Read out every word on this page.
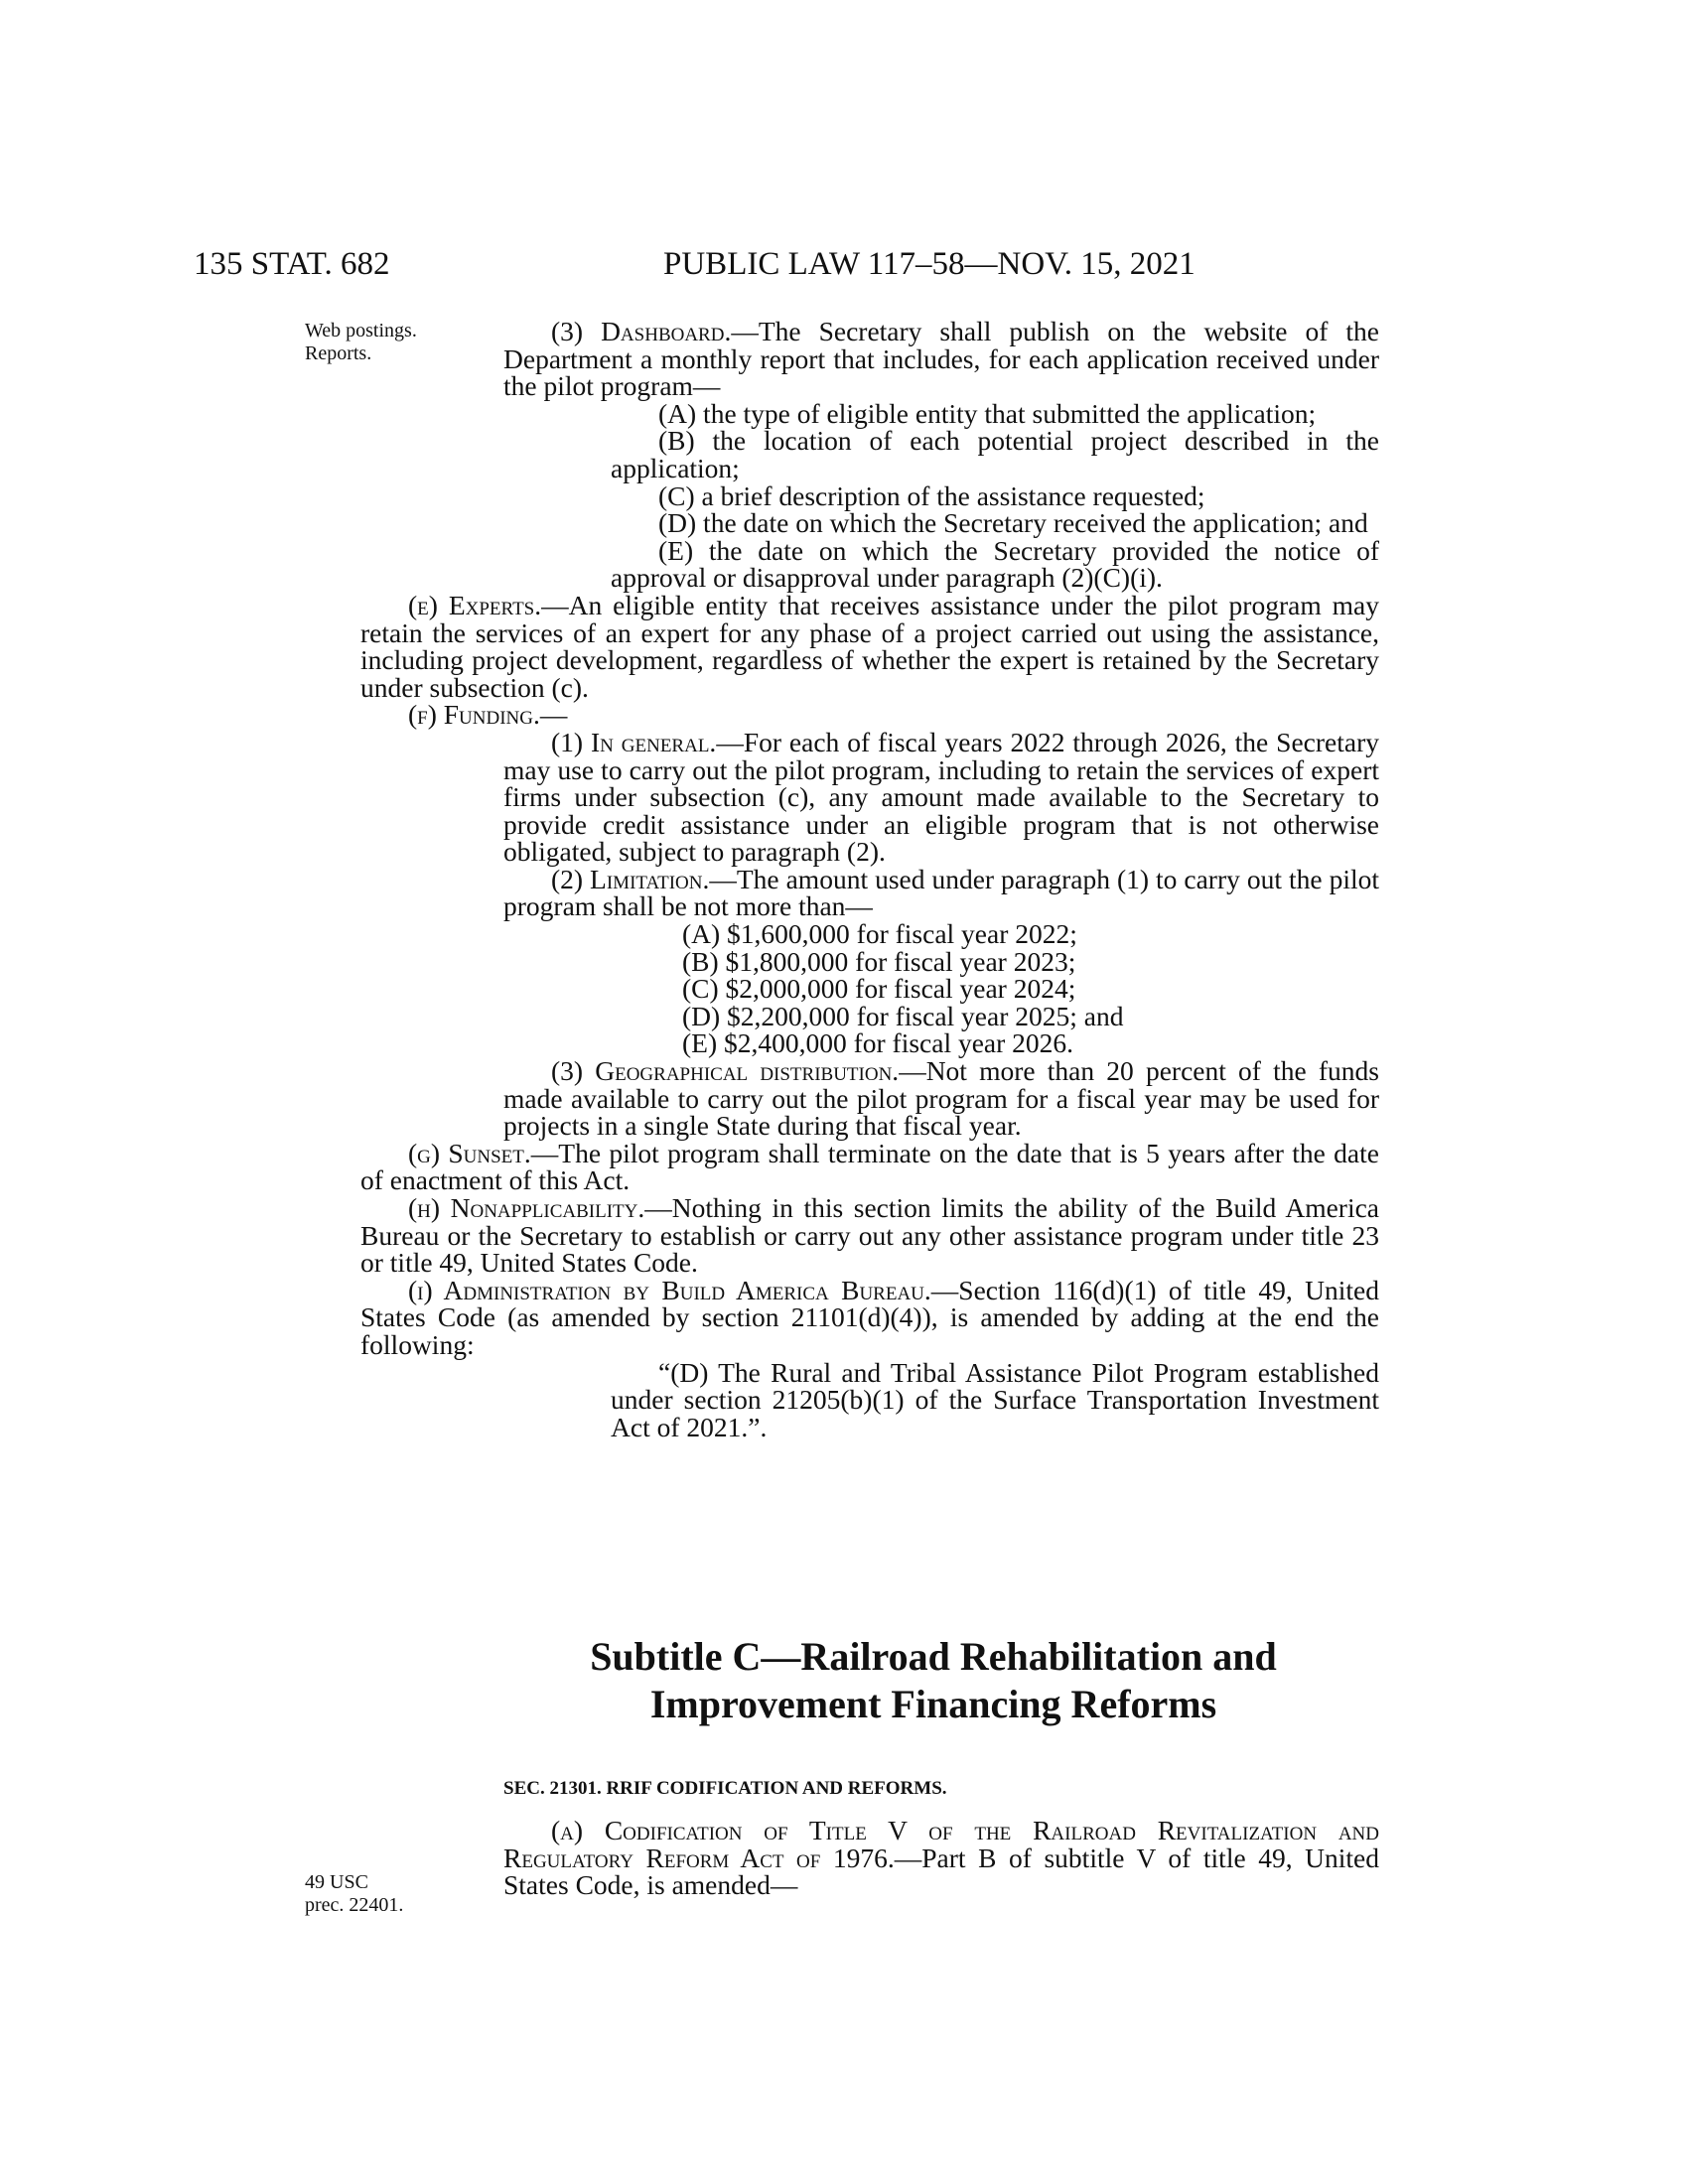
135 STAT. 682	PUBLIC LAW 117–58—NOV. 15, 2021
Web postings.
Reports.

(3) Dashboard.—The Secretary shall publish on the website of the Department a monthly report that includes, for each application received under the pilot program—

(A) the type of eligible entity that submitted the application;

(B) the location of each potential project described in the application;

(C) a brief description of the assistance requested;

(D) the date on which the Secretary received the application; and

(E) the date on which the Secretary provided the notice of approval or disapproval under paragraph (2)(C)(i).

(e) Experts.—An eligible entity that receives assistance under the pilot program may retain the services of an expert for any phase of a project carried out using the assistance, including project development, regardless of whether the expert is retained by the Secretary under subsection (c).

(f) Funding.—

(1) In general.—For each of fiscal years 2022 through 2026, the Secretary may use to carry out the pilot program, including to retain the services of expert firms under subsection (c), any amount made available to the Secretary to provide credit assistance under an eligible program that is not otherwise obligated, subject to paragraph (2).

(2) Limitation.—The amount used under paragraph (1) to carry out the pilot program shall be not more than—

(A) $1,600,000 for fiscal year 2022;

(B) $1,800,000 for fiscal year 2023;

(C) $2,000,000 for fiscal year 2024;

(D) $2,200,000 for fiscal year 2025; and

(E) $2,400,000 for fiscal year 2026.

(3) Geographical distribution.—Not more than 20 percent of the funds made available to carry out the pilot program for a fiscal year may be used for projects in a single State during that fiscal year.

(g) Sunset.—The pilot program shall terminate on the date that is 5 years after the date of enactment of this Act.

(h) Nonapplicability.—Nothing in this section limits the ability of the Build America Bureau or the Secretary to establish or carry out any other assistance program under title 23 or title 49, United States Code.

(i) Administration by Build America Bureau.—Section 116(d)(1) of title 49, United States Code (as amended by section 21101(d)(4)), is amended by adding at the end the following:

“(D) The Rural and Tribal Assistance Pilot Program established under section 21205(b)(1) of the Surface Transportation Investment Act of 2021.”.

Subtitle C—Railroad Rehabilitation and
Improvement Financing Reforms
SEC. 21301. RRIF CODIFICATION AND REFORMS.
49 USC
prec. 22401.

(a) Codification of Title V of the Railroad Revitalization and Regulatory Reform Act of 1976.—Part B of subtitle V of title 49, United States Code, is amended—
